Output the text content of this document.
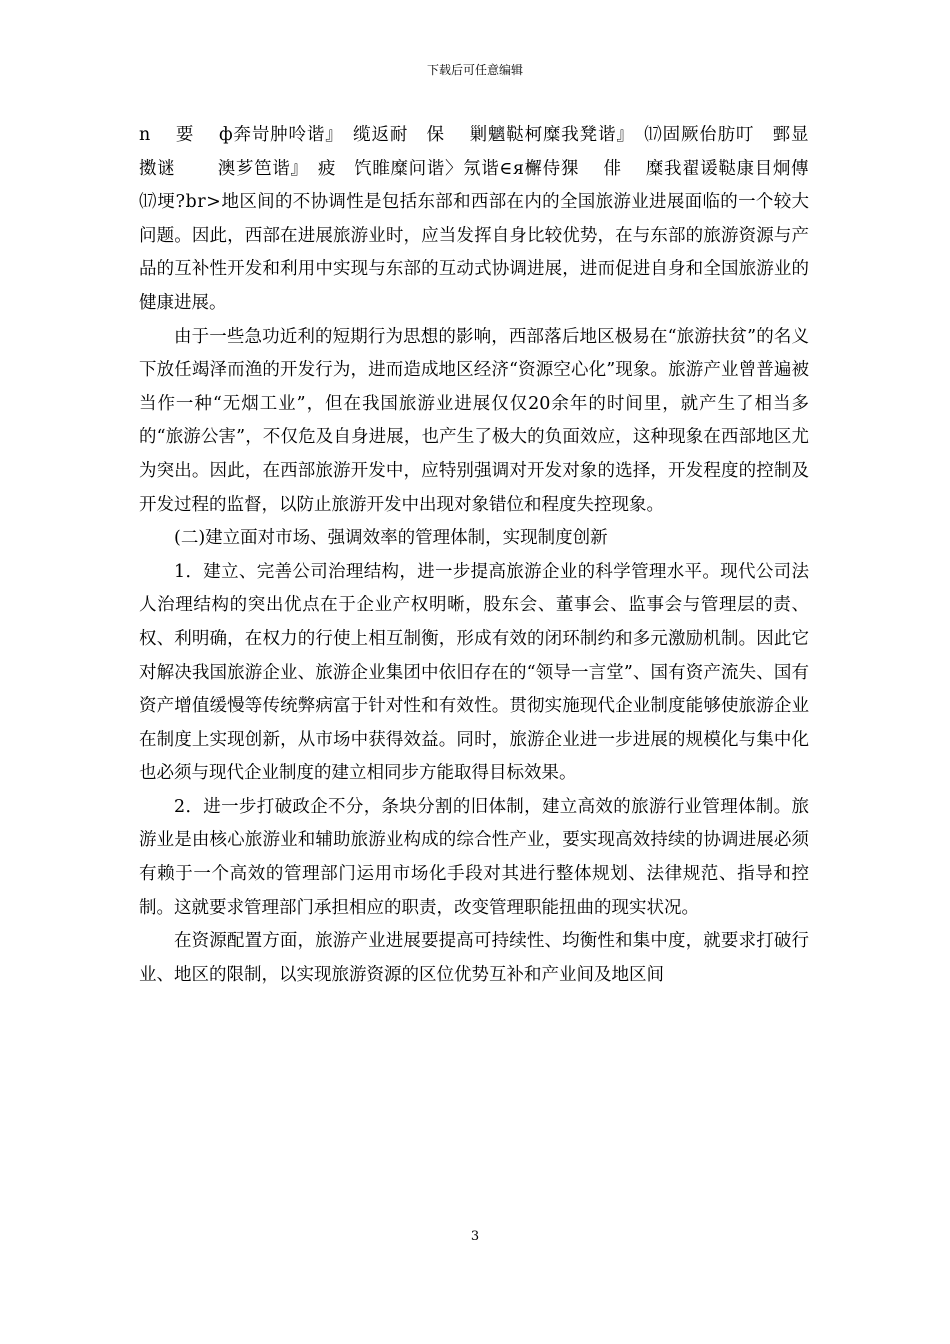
下载后可任意编辑

n　 要　 ф奔岢肿呤谐』　缆返耐　保　 剿魑鞑柯糜我凳谐』　⒄固厥佁肪叮　鄄显擞谜　　 澳芗笆谐』　疲　饩睢糜问谐〉氖谐∈я檞侍猓　 俳　 糜我翟谖鞑康目炯傳⒄埂?br>地区间的不协调性是包括东部和西部在内的全国旅游业进展面临的一个较大问题。因此，西部在进展旅游业时，应当发挥自身比较优势，在与东部的旅游资源与产品的互补性开发和利用中实现与东部的互动式协调进展，进而促进自身和全国旅游业的健康进展。

由于一些急功近利的短期行为思想的影响，西部落后地区极易在“旅游扶贫”的名义下放任竭泽而渔的开发行为，进而造成地区经济“资源空心化”现象。旅游产业曾普遍被当作一种“无烟工业”，但在我国旅游业进展仅仅20余年的时间里，就产生了相当多的“旅游公害”，不仅危及自身进展，也产生了极大的负面效应，这种现象在西部地区尤为突出。因此，在西部旅游开发中，应特别强调对开发对象的选择，开发程度的控制及开发过程的监督，以防止旅游开发中出现对象错位和程度失控现象。

(二)建立面对市场、强调效率的管理体制，实现制度创新

1．建立、完善公司治理结构，进一步提高旅游企业的科学管理水平。现代公司法人治理结构的突出优点在于企业产权明晰，股东会、董事会、监事会与管理层的责、权、利明确，在权力的行使上相互制衡，形成有效的闭环制约和多元激励机制。因此它对解决我国旅游企业、旅游企业集团中依旧存在的“领导一言堂”、国有资产流失、国有资产增值缓慢等传统弊病富于针对性和有效性。贯彻实施现代企业制度能够使旅游企业在制度上实现创新，从市场中获得效益。同时，旅游企业进一步进展的规模化与集中化也必须与现代企业制度的建立相同步方能取得目标效果。

2．进一步打破政企不分，条块分割的旧体制，建立高效的旅游行业管理体制。旅游业是由核心旅游业和辅助旅游业构成的综合性产业，要实现高效持续的协调进展必须有赖于一个高效的管理部门运用市场化手段对其进行整体规划、法律规范、指导和控制。这就要求管理部门承担相应的职责，改变管理职能扭曲的现实状况。

在资源配置方面，旅游产业进展要提高可持续性、均衡性和集中度，就要求打破行业、地区的限制，以实现旅游资源的区位优势互补和产业间及地区间

3
